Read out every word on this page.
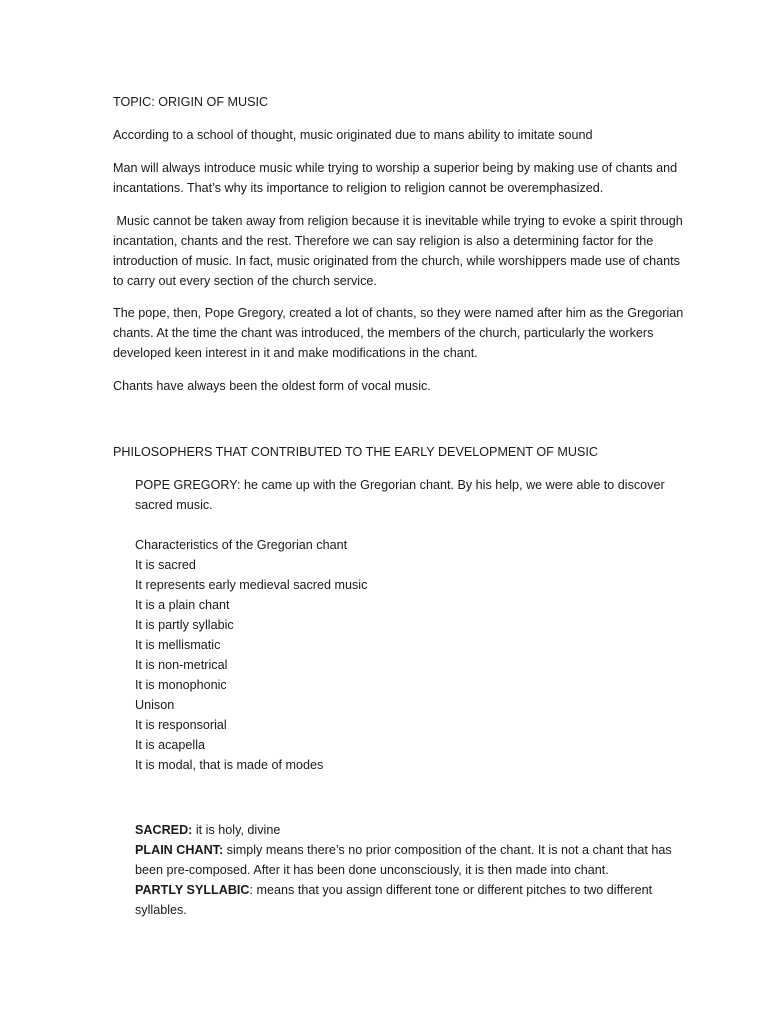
TOPIC: ORIGIN OF MUSIC

According to a school of thought, music originated due to mans ability to imitate sound

Man will always introduce music while trying to worship a superior being by making use of chants and incantations. That’s why its importance to religion to religion cannot be overemphasized.

Music cannot be taken away from religion because it is inevitable while trying to evoke a spirit through incantation, chants and the rest. Therefore we can say religion is also a determining factor for the introduction of music. In fact, music originated from the church, while worshippers made use of chants to carry out every section of the church service.

The pope, then, Pope Gregory, created a lot of chants, so they were named after him as the Gregorian chants. At the time the chant was introduced, the members of the church, particularly the workers developed keen interest in it and make modifications in the chant.

Chants have always been the oldest form of vocal music.

PHILOSOPHERS THAT CONTRIBUTED TO THE EARLY DEVELOPMENT OF MUSIC

POPE GREGORY: he came up with the Gregorian chant. By his help, we were able to discover sacred music.

Characteristics of the Gregorian chant
It is sacred
It represents early medieval sacred music
It is a plain chant
It is partly syllabic
It is mellismatic
It is non-metrical
It is monophonic
Unison
It is responsorial
It is acapella
It is modal, that is made of modes

SACRED: it is holy, divine

PLAIN CHANT: simply means there’s no prior composition of the chant. It is not a chant that has been pre-composed. After it has been done unconsciously, it is then made into chant.

PARTLY SYLLABIC: means that you assign different tone or different pitches to two different syllables.
